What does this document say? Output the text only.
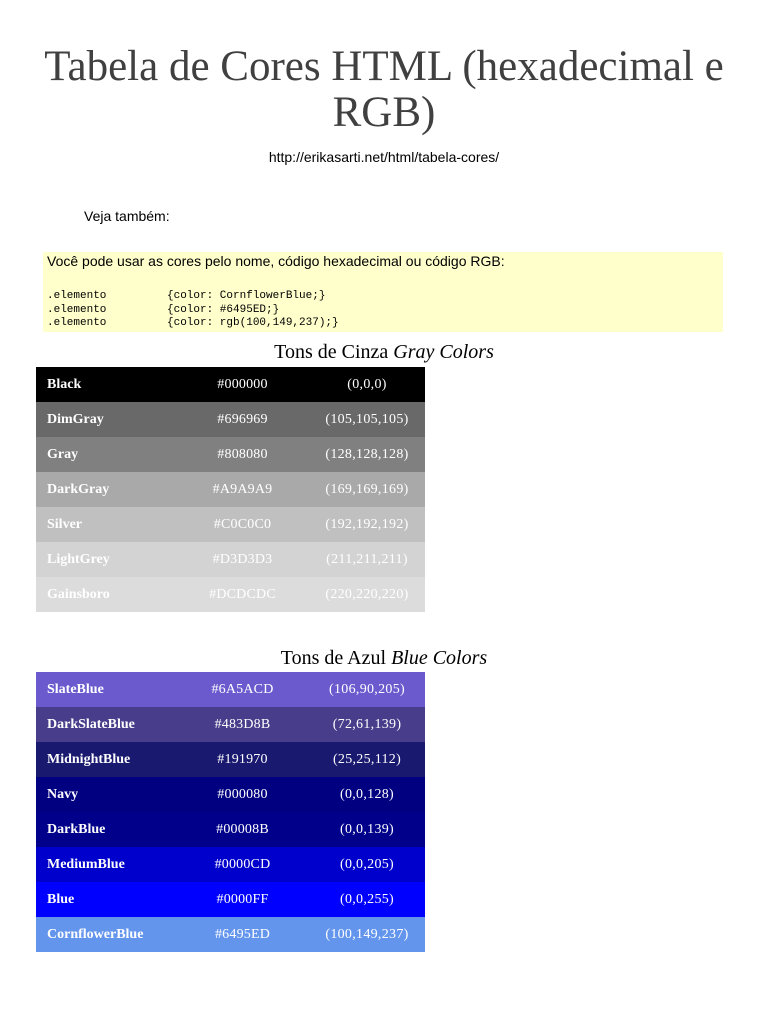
Tabela de Cores HTML (hexadecimal e RGB)
http://erikasarti.net/html/tabela-cores/
Veja também:
Você pode usar as cores pelo nome, código hexadecimal ou código RGB:
.elemento	{color: CornflowerBlue;}
.elemento	{color: #6495ED;}
.elemento	{color: rgb(100,149,237);}
Tons de Cinza Gray Colors
Black	#000000	(0,0,0)
DimGray	#696969	(105,105,105)
Gray	#808080	(128,128,128)
DarkGray	#A9A9A9	(169,169,169)
Silver	#C0C0C0	(192,192,192)
LightGrey	#D3D3D3	(211,211,211)
Gainsboro	#DCDCDC	(220,220,220)
Tons de Azul Blue Colors
SlateBlue	#6A5ACD	(106,90,205)
DarkSlateBlue	#483D8B	(72,61,139)
MidnightBlue	#191970	(25,25,112)
Navy	#000080	(0,0,128)
DarkBlue	#00008B	(0,0,139)
MediumBlue	#0000CD	(0,0,205)
Blue	#0000FF	(0,0,255)
CornflowerBlue	#6495ED	(100,149,237)
